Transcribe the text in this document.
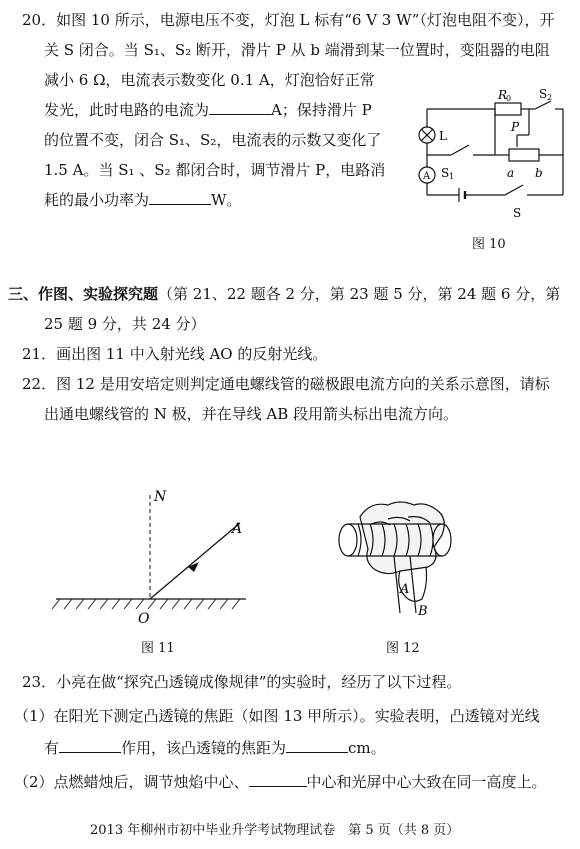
20．如图 10 所示，电源电压不变，灯泡 L 标有“6 V 3 W”（灯泡电阻不变），开
关 S 闭合。当 S₁、S₂ 断开，滑片 P 从 b 端滑到某一位置时，变阻器的电阻
减小 6 Ω，电流表示数变化 0.1 A，灯泡恰好正常
发光，此时电路的电流为	A；保持滑片 P
的位置不变，闭合 S₁、S₂，电流表的示数又变化了
1.5 A。当 S₁ 、S₂ 都闭合时，调节滑片 P，电路消
耗的最小功率为	W。
R
0 S 2
L
P
A S 1	a b
S
图 10
三、作图、实验探究题（第 21、22 题各 2 分，第 23 题 5 分，第 24 题 6 分，第
25 题 9 分，共 24 分）
21．画出图 11 中入射光线 AO 的反射光线。
22．图 12 是用安培定则判定通电螺线管的磁极跟电流方向的关系示意图，请标
出通电螺线管的 N 极，并在导线 AB 段用箭头标出电流方向。
N
A
O
图 11
A
B
图 12
23．小亮在做“探究凸透镜成像规律”的实验时，经历了以下过程。
（1）在阳光下测定凸透镜的焦距（如图 13 甲所示）。实验表明，凸透镜对光线
有	作用，该凸透镜的焦距为	cm。
（2）点燃蜡烛后，调节烛焰中心、	中心和光屏中心大致在同一高度上。
2013 年柳州市初中毕业升学考试物理试卷　第 5 页（共 8 页）
